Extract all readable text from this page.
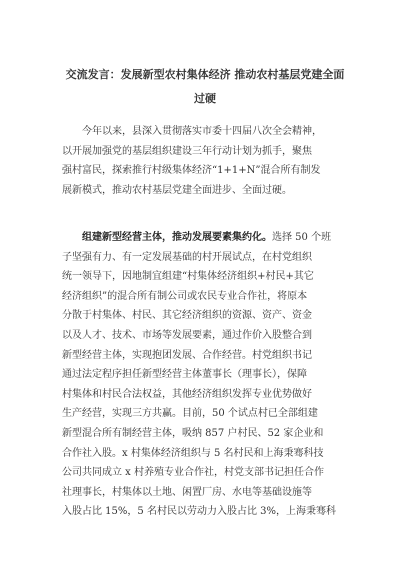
交流发言：发展新型农村集体经济 推动农村基层党建全面
过硬
今年以来，县深入贯彻落实市委十四届八次全会精神，
以开展加强党的基层组织建设三年行动计划为抓手，聚焦
强村富民，探索推行村级集体经济“1+1+N”混合所有制发
展新模式，推动农村基层党建全面进步、全面过硬。
组建新型经营主体，推动发展要素集约化。选择 50 个班
子坚强有力、有一定发展基础的村开展试点，在村党组织
统一领导下，因地制宜组建“村集体经济组织+村民+其它
经济组织”的混合所有制公司或农民专业合作社，将原本
分散于村集体、村民、其它经济组织的资源、资产、资金
以及人才、技术、市场等发展要素，通过作价入股整合到
新型经营主体，实现抱团发展、合作经营。村党组织书记
通过法定程序担任新型经营主体董事长（理事长），保障
村集体和村民合法权益，其他经济组织发挥专业优势做好
生产经营，实现三方共赢。目前，50 个试点村已全部组建
新型混合所有制经营主体，吸纳 857 户村民、52 家企业和
合作社入股。x 村集体经济组织与 5 名村民和上海秉骞科技
公司共同成立 x 村养殖专业合作社，村党支部书记担任合作
社理事长，村集体以土地、闲置厂房、水电等基础设施等
入股占比 15%，5 名村民以劳动力入股占比 3%，上海秉骞科
